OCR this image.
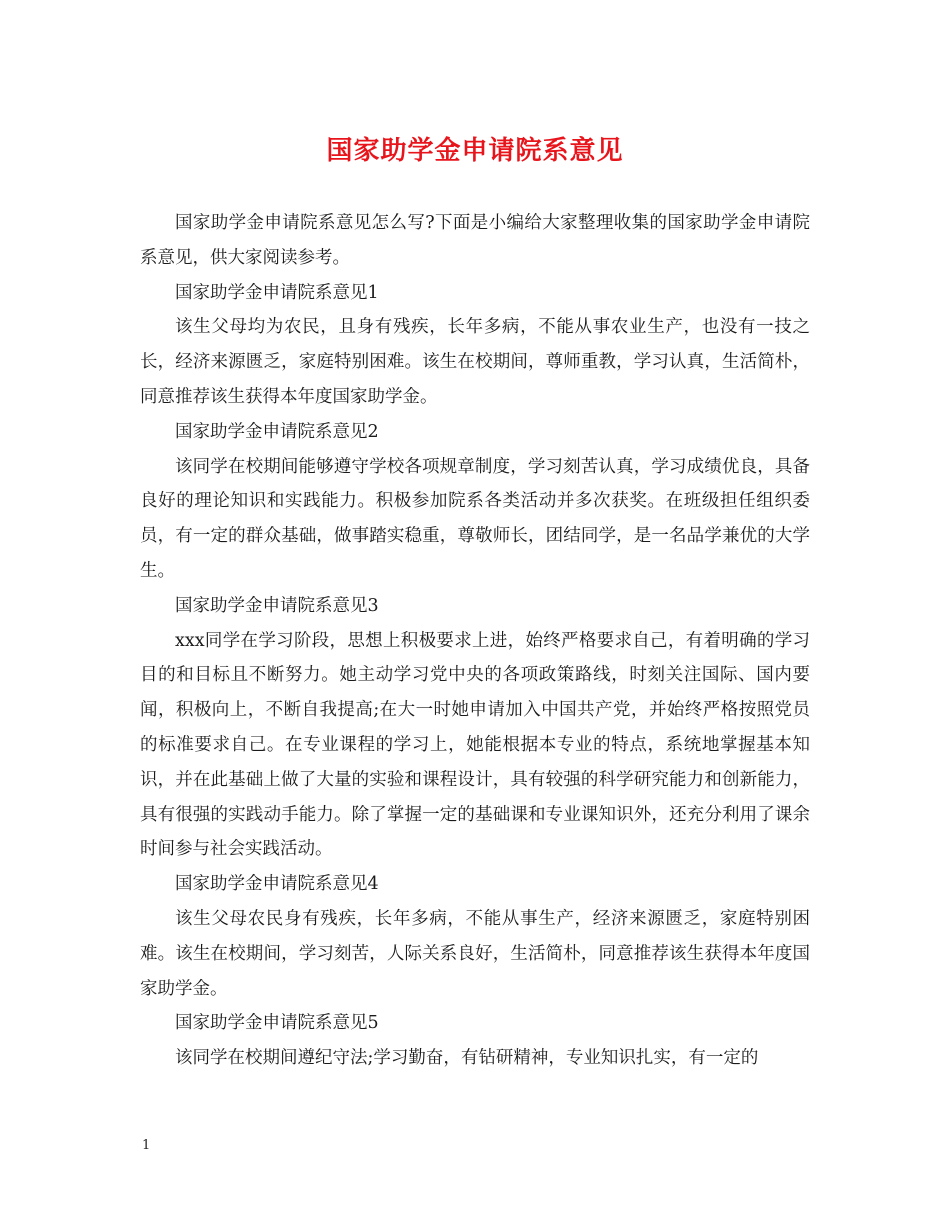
国家助学金申请院系意见

国家助学金申请院系意见怎么写?下面是小编给大家整理收集的国家助学金申请院系意见，供大家阅读参考。

国家助学金申请院系意见1

该生父母均为农民，且身有残疾，长年多病，不能从事农业生产，也没有一技之长，经济来源匮乏，家庭特别困难。该生在校期间，尊师重教，学习认真，生活简朴，同意推荐该生获得本年度国家助学金。

国家助学金申请院系意见2

该同学在校期间能够遵守学校各项规章制度，学习刻苦认真，学习成绩优良，具备良好的理论知识和实践能力。积极参加院系各类活动并多次获奖。在班级担任组织委员，有一定的群众基础，做事踏实稳重，尊敬师长，团结同学，是一名品学兼优的大学生。

国家助学金申请院系意见3

xxx同学在学习阶段，思想上积极要求上进，始终严格要求自己，有着明确的学习目的和目标且不断努力。她主动学习党中央的各项政策路线，时刻关注国际、国内要闻，积极向上，不断自我提高;在大一时她申请加入中国共产党，并始终严格按照党员的标准要求自己。在专业课程的学习上，她能根据本专业的特点，系统地掌握基本知识，并在此基础上做了大量的实验和课程设计，具有较强的科学研究能力和创新能力，具有很强的实践动手能力。除了掌握一定的基础课和专业课知识外，还充分利用了课余时间参与社会实践活动。

国家助学金申请院系意见4

该生父母农民身有残疾，长年多病，不能从事生产，经济来源匮乏，家庭特别困难。该生在校期间，学习刻苦，人际关系良好，生活简朴，同意推荐该生获得本年度国家助学金。

国家助学金申请院系意见5

该同学在校期间遵纪守法;学习勤奋，有钻研精神，专业知识扎实，有一定的

1
